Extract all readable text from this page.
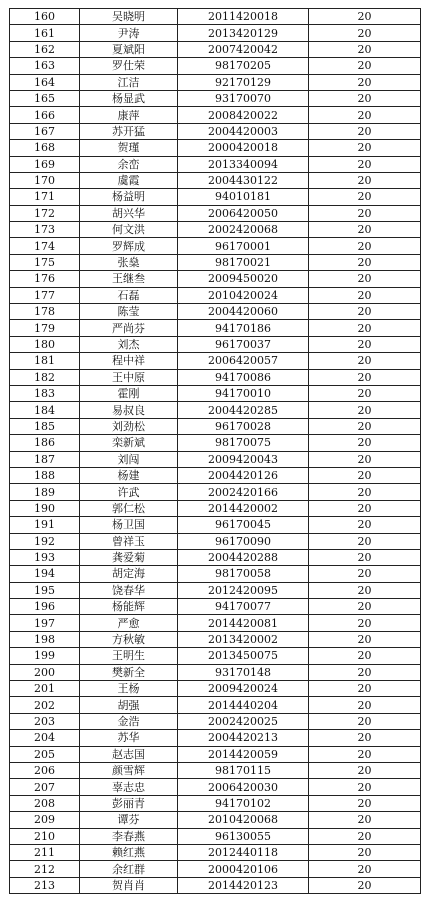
160	吴晓明	2011420018	20
161	尹涛	2013420129	20
162	夏斌阳	2007420042	20
163	罗仕荣	98170205	20
164	江洁	92170129	20
165	杨显武	93170070	20
166	康萍	2008420022	20
167	苏开猛	2004420003	20
168	贺瑾	2000420018	20
169	余峦	2013340094	20
170	虞霞	2004430122	20
171	杨益明	94010181	20
172	胡兴华	2006420050	20
173	何文洪	2002420068	20
174	罗辉成	96170001	20
175	张燊	98170021	20
176	王继叁	2009450020	20
177	石磊	2010420024	20
178	陈莹	2004420060	20
179	严尚芬	94170186	20
180	刘杰	96170037	20
181	程中祥	2006420057	20
182	王中原	94170086	20
183	霍刚	94170010	20
184	易叔良	2004420285	20
185	刘劲松	96170028	20
186	栾新斌	98170075	20
187	刘闯	2009420043	20
188	杨建	2004420126	20
189	许武	2002420166	20
190	郭仁松	2014420002	20
191	杨卫国	96170045	20
192	曾祥玉	96170090	20
193	龚爱菊	2004420288	20
194	胡定海	98170058	20
195	饶春华	2012420095	20
196	杨能辉	94170077	20
197	严愈	2014420081	20
198	方秋敏	2013420002	20
199	王明生	2013450075	20
200	樊新全	93170148	20
201	王杨	2009420024	20
202	胡强	2014440204	20
203	金浩	2002420025	20
204	苏华	2004420213	20
205	赵志国	2014420059	20
206	颜雪辉	98170115	20
207	辜志忠	2006420030	20
208	彭丽青	94170102	20
209	谭芬	2010420068	20
210	李春燕	96130055	20
211	赖红燕	2012440118	20
212	余红群	2000420106	20
213	贺肖肖	2014420123	20
